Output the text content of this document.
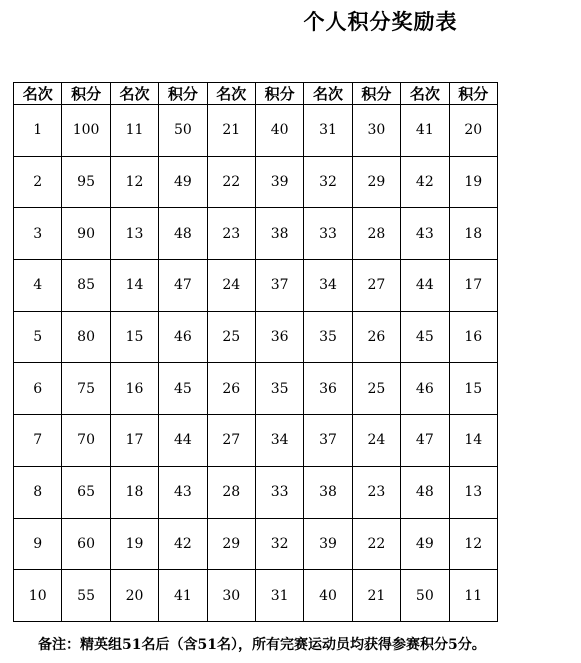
个人积分奖励表
名次	积分	名次	积分	名次	积分	名次	积分	名次	积分
1	100	11	50	21	40	31	30	41	20
2	95	12	49	22	39	32	29	42	19
3	90	13	48	23	38	33	28	43	18
4	85	14	47	24	37	34	27	44	17
5	80	15	46	25	36	35	26	45	16
6	75	16	45	26	35	36	25	46	15
7	70	17	44	27	34	37	24	47	14
8	65	18	43	28	33	38	23	48	13
9	60	19	42	29	32	39	22	49	12
10	55	20	41	30	31	40	21	50	11
备注：精英组51名后（含51名），所有完赛运动员均获得参赛积分5分。
